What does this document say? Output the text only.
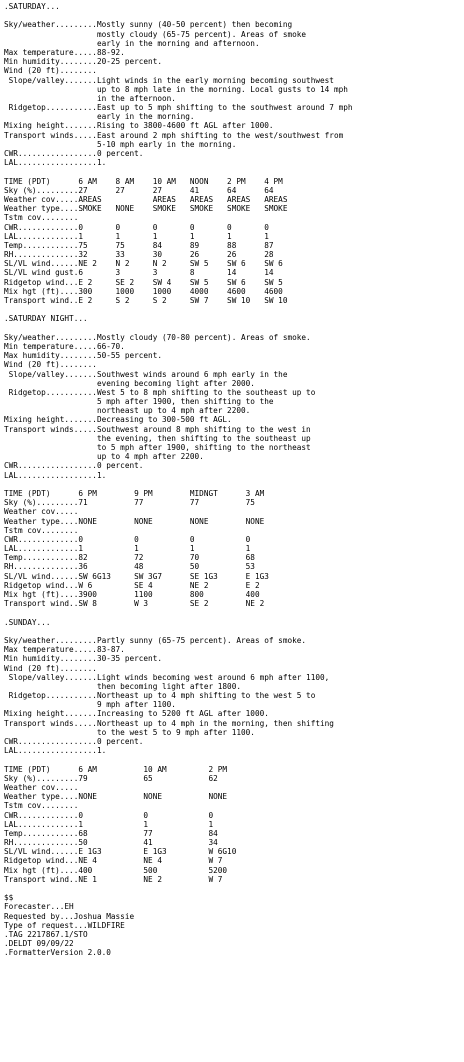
.SATURDAY...
Sky/weather.........Mostly sunny (40-50 percent) then becoming
mostly cloudy (65-75 percent). Areas of smoke
early in the morning and afternoon.
Max temperature.....88-92.
Min humidity........20-25 percent.
Wind (20 ft)........
Slope/valley.......Light winds in the early morning becoming southwest
up to 8 mph late in the morning. Local gusts to 14 mph
in the afternoon.
Ridgetop...........East up to 5 mph shifting to the southwest around 7 mph
early in the morning.
Mixing height.......Rising to 3800-4600 ft AGL after 1000.
Transport winds.....East around 2 mph shifting to the west/southwest from
5-10 mph early in the morning.
CWR.................0 percent.
LAL.................1.
TIME (PDT)      6 AM    8 AM    10 AM   NOON    2 PM    4 PM
Sky (%).........27      27      27      41      64      64
Weather cov.....AREAS           AREAS   AREAS   AREAS   AREAS
Weather type....SMOKE   NONE    SMOKE   SMOKE   SMOKE   SMOKE
Tstm cov........
CWR.............0       0       0       0       0       0
LAL.............1       1       1       1       1       1
Temp............75      75      84      89      88      87
RH..............32      33      30      26      26      28
SL/VL wind......NE 2    N 2     N 2     SW 5    SW 6    SW 6
SL/VL wind gust.6       3       3       8       14      14
Ridgetop wind...E 2     SE 2    SW 4    SW 5    SW 6    SW 5
Mix hgt (ft)....300     1000    1000    4000    4600    4600
Transport wind..E 2     S 2     S 2     SW 7    SW 10   SW 10
.SATURDAY NIGHT...
Sky/weather.........Mostly cloudy (70-80 percent). Areas of smoke.
Min temperature.....66-70.
Max humidity........50-55 percent.
Wind (20 ft)........
Slope/valley.......Southwest winds around 6 mph early in the
evening becoming light after 2000.
Ridgetop...........West 5 to 8 mph shifting to the southeast up to
5 mph after 1900, then shifting to the
northeast up to 4 mph after 2200.
Mixing height.......Decreasing to 300-500 ft AGL.
Transport winds.....Southwest around 8 mph shifting to the west in
the evening, then shifting to the southeast up
to 5 mph after 1900, shifting to the northeast
up to 4 mph after 2200.
CWR.................0 percent.
LAL.................1.
TIME (PDT)      6 PM        9 PM        MIDNGT      3 AM
Sky (%).........71          77          77          75
Weather cov.....
Weather type....NONE        NONE        NONE        NONE
Tstm cov........
CWR.............0           0           0           0
LAL.............1           1           1           1
Temp............82          72          70          68
RH..............36          48          50          53
SL/VL wind......SW 6G13     SW 3G7      SE 1G3      E 1G3
Ridgetop wind...W 6         SE 4        NE 2        E 2
Mix hgt (ft)....3900        1100        800         400
Transport wind..SW 8        W 3         SE 2        NE 2
.SUNDAY...
Sky/weather.........Partly sunny (65-75 percent). Areas of smoke.
Max temperature.....83-87.
Min humidity........30-35 percent.
Wind (20 ft)........
Slope/valley.......Light winds becoming west around 6 mph after 1100,
then becoming light after 1800.
Ridgetop...........Northeast up to 4 mph shifting to the west 5 to
9 mph after 1100.
Mixing height.......Increasing to 5200 ft AGL after 1000.
Transport winds.....Northeast up to 4 mph in the morning, then shifting
to the west 5 to 9 mph after 1100.
CWR.................0 percent.
LAL.................1.
TIME (PDT)      6 AM          10 AM         2 PM
Sky (%).........79            65            62
Weather cov.....
Weather type....NONE          NONE          NONE
Tstm cov........
CWR.............0             0             0
LAL.............1             1             1
Temp............68            77            84
RH..............50            41            34
SL/VL wind......E 1G3         E 1G3         W 6G10
Ridgetop wind...NE 4          NE 4          W 7
Mix hgt (ft)....400           500           5200
Transport wind..NE 1          NE 2          W 7
$$
Forecaster...EH
Requested by...Joshua Massie
Type of request...WILDFIRE
.TAG 2217867.1/STO
.DELDT 09/09/22
.FormatterVersion 2.0.0
